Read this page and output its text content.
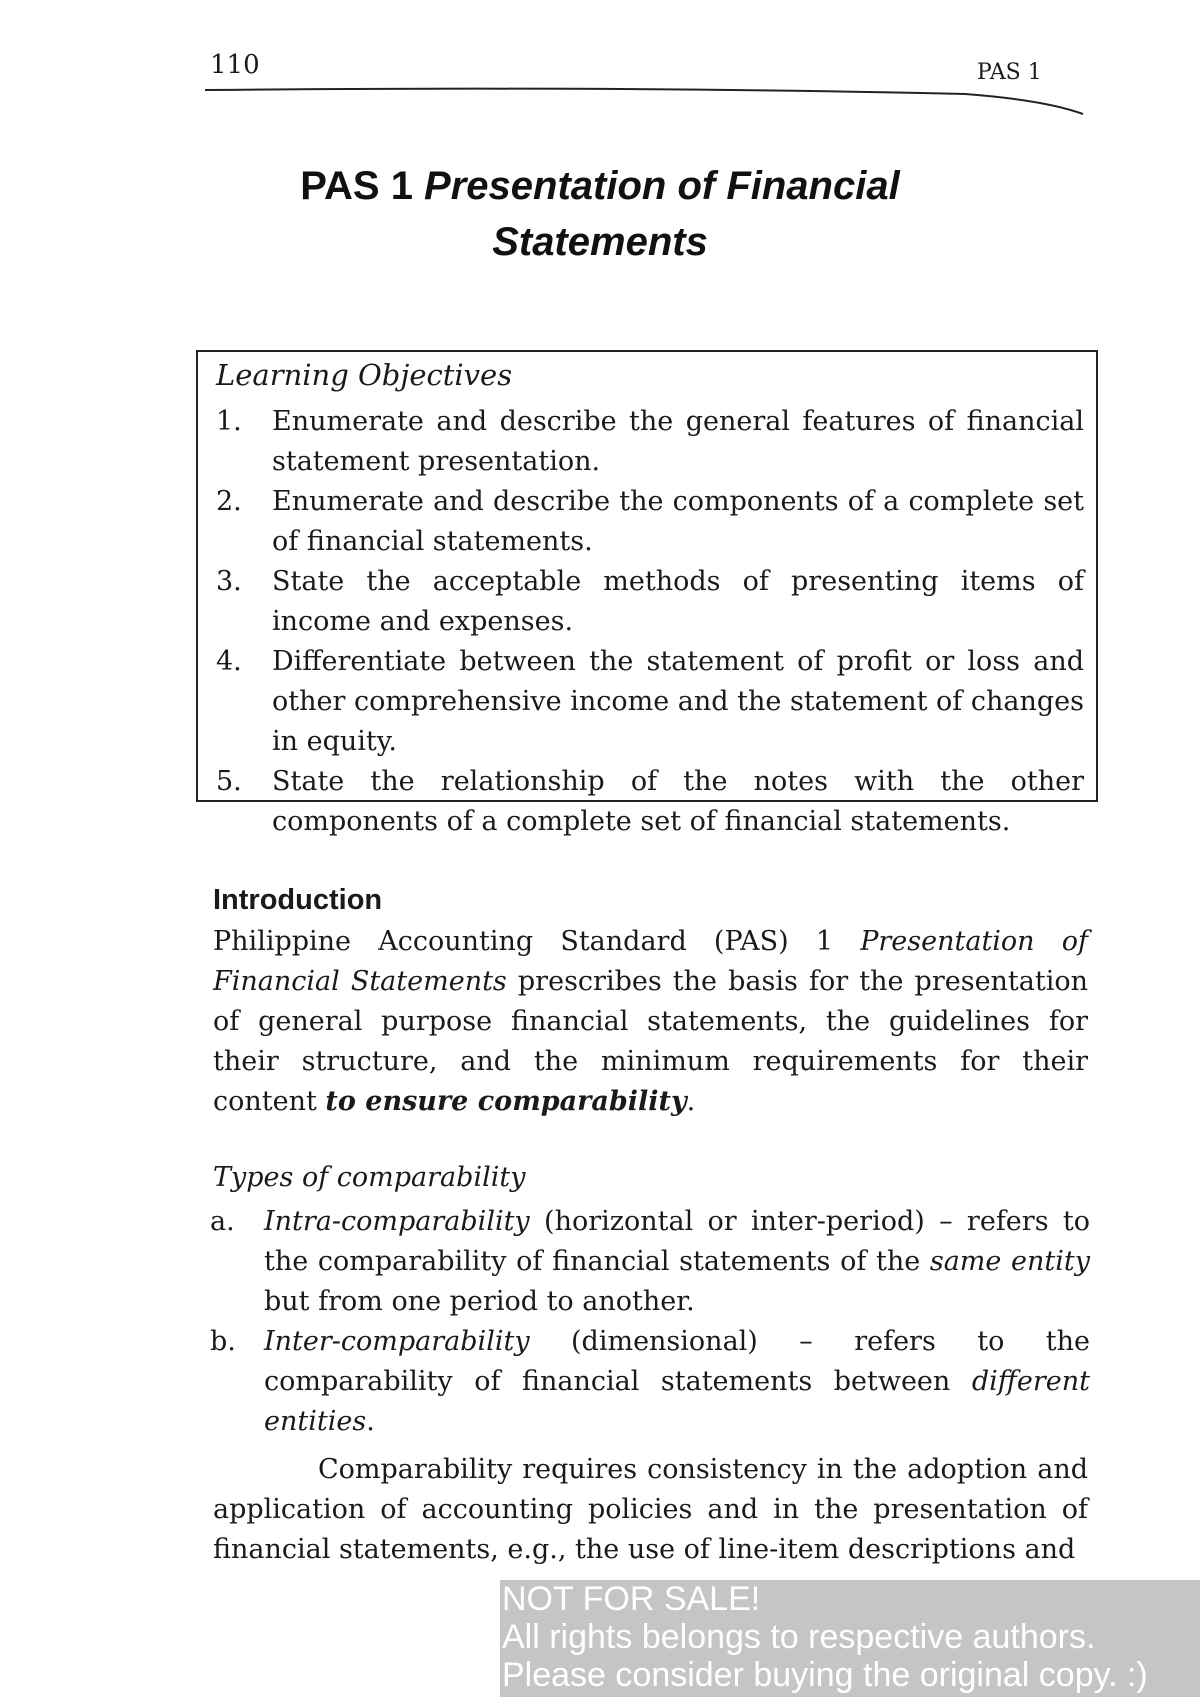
110	PAS 1
PAS 1 Presentation of Financial
Statements
Learning Objectives
1. Enumerate and describe the general features of financial statement presentation.
2. Enumerate and describe the components of a complete set of financial statements.
3. State the acceptable methods of presenting items of income and expenses.
4. Differentiate between the statement of profit or loss and other comprehensive income and the statement of changes in equity.
5. State the relationship of the notes with the other components of a complete set of financial statements.
Introduction

Philippine Accounting Standard (PAS) 1 Presentation of Financial Statements prescribes the basis for the presentation of general purpose financial statements, the guidelines for their structure, and the minimum requirements for their content to ensure comparability.

Types of comparability
a. Intra-comparability (horizontal or inter-period) – refers to the comparability of financial statements of the same entity but from one period to another.
b. Inter-comparability (dimensional) – refers to the comparability of financial statements between different entities.

Comparability requires consistency in the adoption and application of accounting policies and in the presentation of financial statements, e.g., the use of line-item descriptions and

NOT FOR SALE!
All rights belongs to respective authors.
Please consider buying the original copy. :)
